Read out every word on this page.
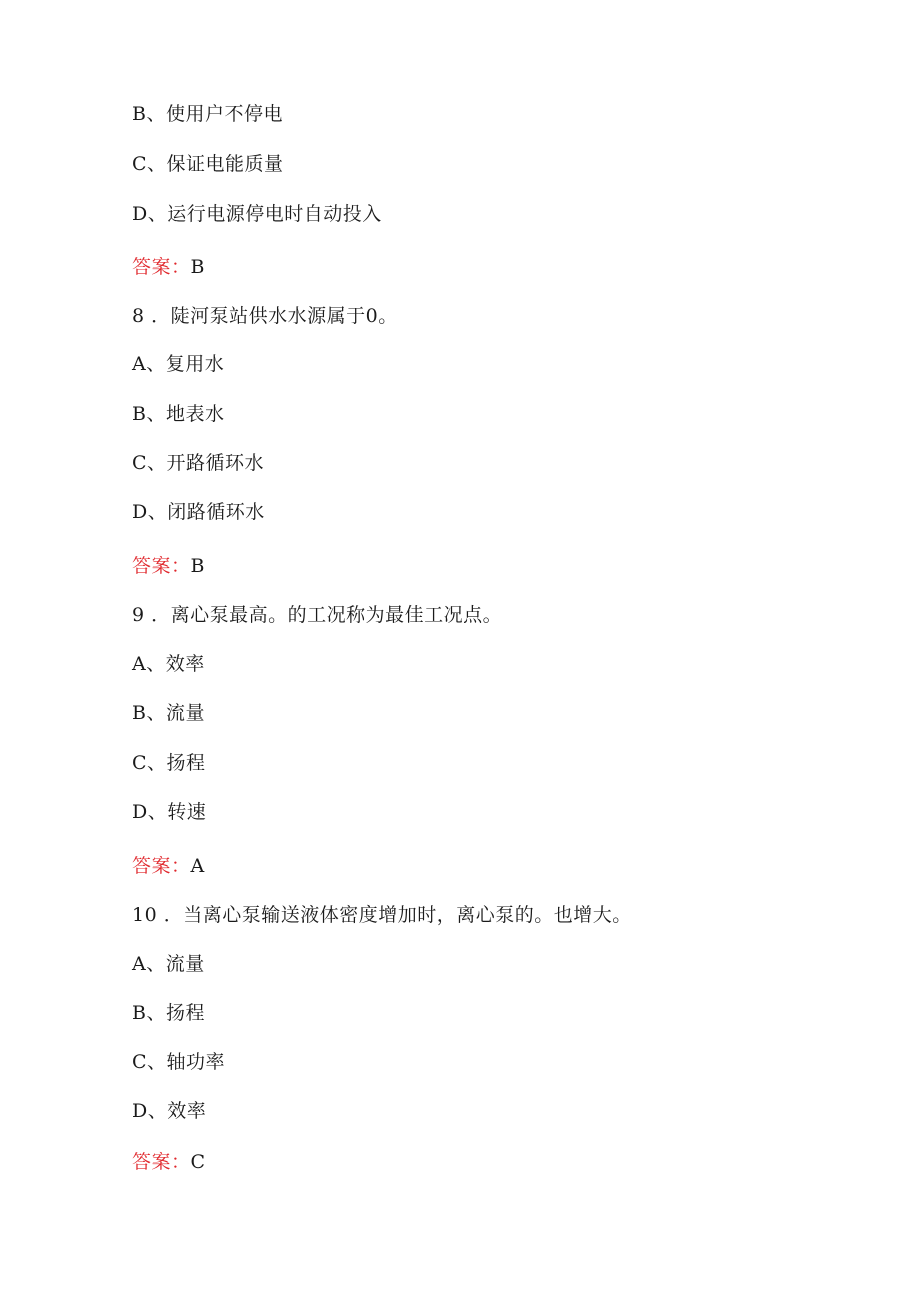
B、使用户不停电
C、保证电能质量
D、运行电源停电时自动投入
答案：B
8 ．陡河泵站供水水源属于0。
A、复用水
B、地表水
C、开路循环水
D、闭路循环水
答案：B
9 ．离心泵最高。的工况称为最佳工况点。
A、效率
B、流量
C、扬程
D、转速
答案：A
10 ．当离心泵输送液体密度增加时，离心泵的。也增大。
A、流量
B、扬程
C、轴功率
D、效率
答案：C
